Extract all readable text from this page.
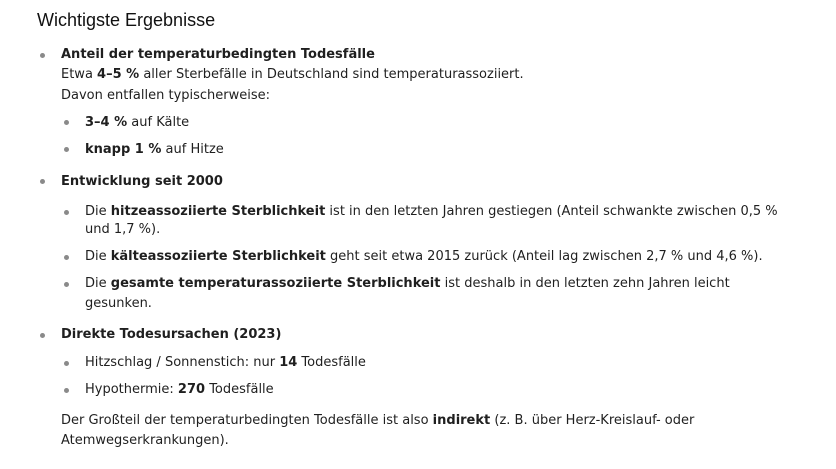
Wichtigste Ergebnisse
Anteil der temperaturbedingten Todesfälle
Etwa 4–5 % aller Sterbefälle in Deutschland sind temperaturassoziiert.
Davon entfallen typischerweise:
3–4 % auf Kälte
knapp 1 % auf Hitze
Entwicklung seit 2000
Die hitzeassoziierte Sterblichkeit ist in den letzten Jahren gestiegen (Anteil schwankte zwischen 0,5 %
und 1,7 %).
Die kälteassoziierte Sterblichkeit geht seit etwa 2015 zurück (Anteil lag zwischen 2,7 % und 4,6 %).
Die gesamte temperaturassoziierte Sterblichkeit ist deshalb in den letzten zehn Jahren leicht
gesunken.
Direkte Todesursachen (2023)
Hitzschlag / Sonnenstich: nur 14 Todesfälle
Hypothermie: 270 Todesfälle
Der Großteil der temperaturbedingten Todesfälle ist also indirekt (z. B. über Herz-Kreislauf- oder
Atemwegserkrankungen).
